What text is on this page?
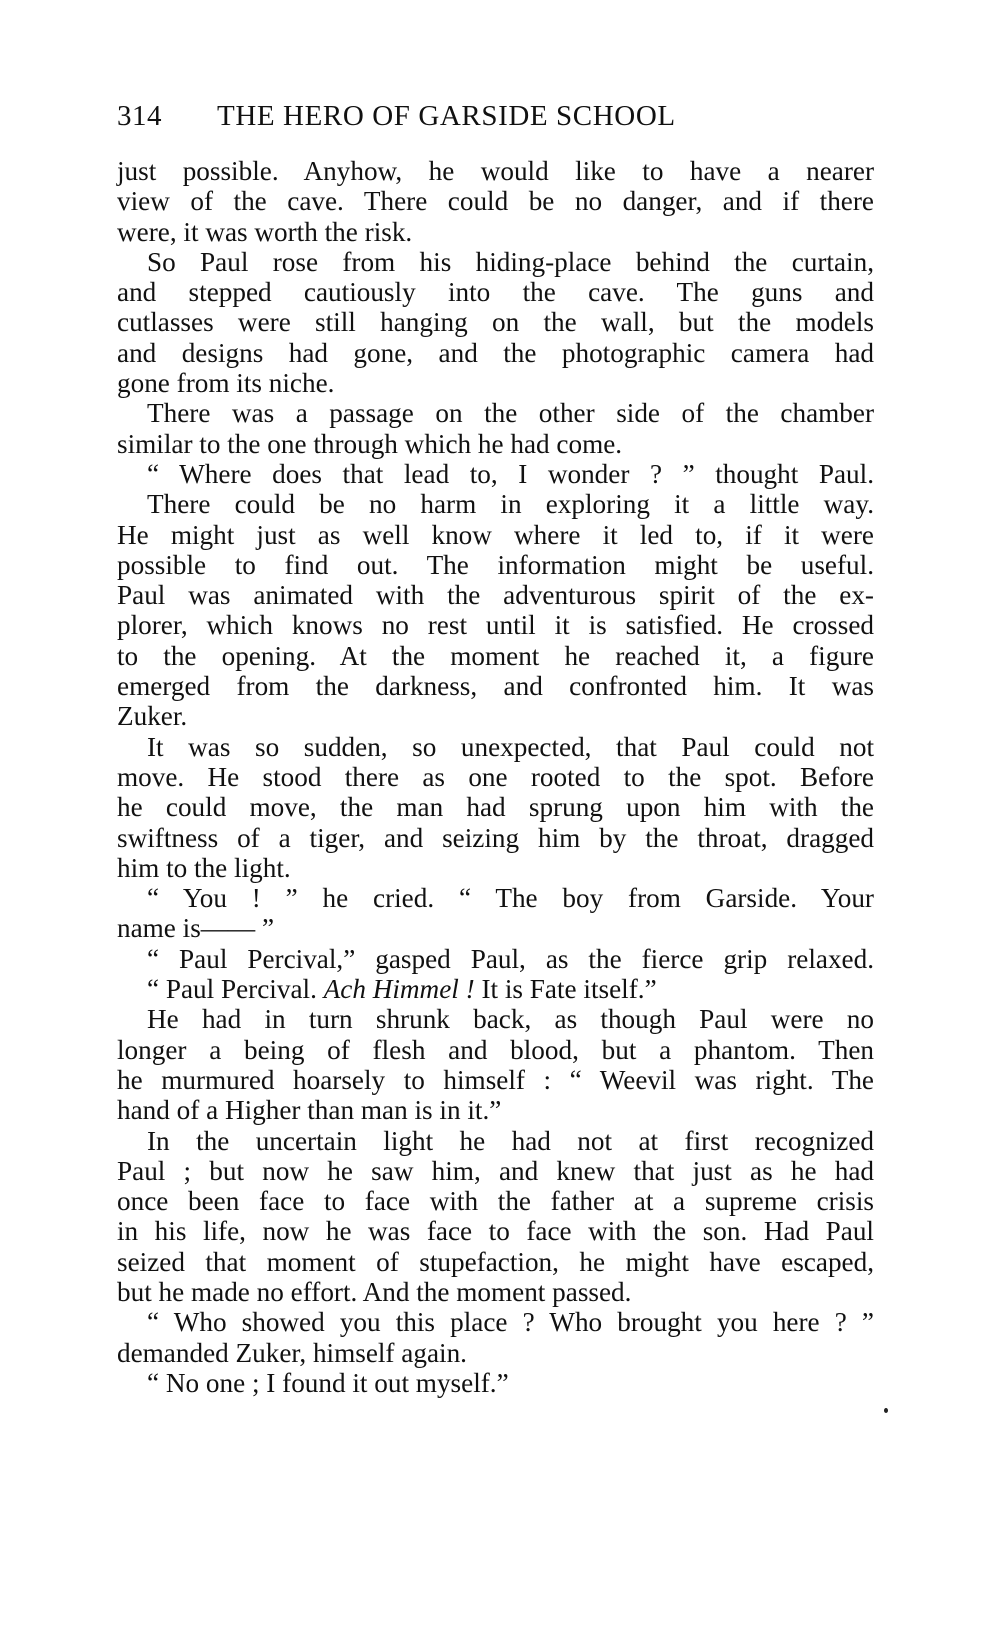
314	THE HERO OF GARSIDE SCHOOL
just possible. Anyhow, he would like to have a nearer
view of the cave. There could be no danger, and if there
were, it was worth the risk.
So Paul rose from his hiding-place behind the curtain,
and stepped cautiously into the cave. The guns and
cutlasses were still hanging on the wall, but the models
and designs had gone, and the photographic camera had
gone from its niche.
There was a passage on the other side of the chamber
similar to the one through which he had come.
“ Where does that lead to, I wonder ? ” thought Paul.
There could be no harm in exploring it a little way.
He might just as well know where it led to, if it were
possible to find out. The information might be useful.
Paul was animated with the adventurous spirit of the ex-
plorer, which knows no rest until it is satisfied. He crossed
to the opening. At the moment he reached it, a figure
emerged from the darkness, and confronted him. It was
Zuker.
It was so sudden, so unexpected, that Paul could not
move. He stood there as one rooted to the spot. Before
he could move, the man had sprung upon him with the
swiftness of a tiger, and seizing him by the throat, dragged
him to the light.
“ You ! ” he cried. “ The boy from Garside. Your
name is—— ”
“ Paul Percival,” gasped Paul, as the fierce grip relaxed.
“ Paul Percival. Ach Himmel ! It is Fate itself.”
He had in turn shrunk back, as though Paul were no
longer a being of flesh and blood, but a phantom. Then
he murmured hoarsely to himself : “ Weevil was right. The
hand of a Higher than man is in it.”
In the uncertain light he had not at first recognized
Paul ; but now he saw him, and knew that just as he had
once been face to face with the father at a supreme crisis
in his life, now he was face to face with the son. Had Paul
seized that moment of stupefaction, he might have escaped,
but he made no effort. And the moment passed.
“ Who showed you this place ? Who brought you here ? ”
demanded Zuker, himself again.
“ No one ; I found it out myself.”
